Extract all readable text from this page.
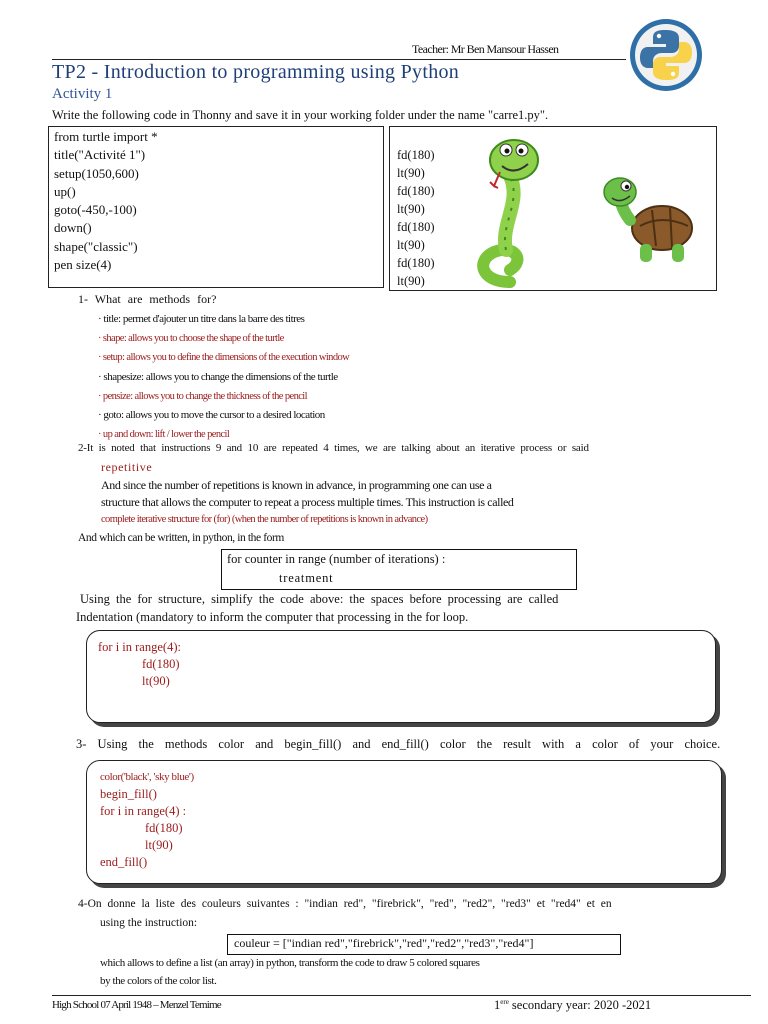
Teacher: Mr Ben Mansour Hassen
TP2 - Introduction to programming using Python
Activity 1
Write the following code in Thonny and save it in your working folder under the name "carre1.py".
from turtle import *
title("Activité 1")
setup(1050,600)
up()
goto(-450,-100)
down()
shape("classic")
pen size(4)
fd(180)
lt(90)
fd(180)
lt(90)
fd(180)
lt(90)
fd(180)
lt(90)
1- What are methods for?
· title: permet d'ajouter un titre dans la barre des titres
· shape: allows you to choose the shape of the turtle
· setup: allows you to define the dimensions of the execution window
· shapesize: allows you to change the dimensions of the turtle
· pensize: allows you to change the thickness of the pencil
· goto: allows you to move the cursor to a desired location
· up and down: lift / lower the pencil
2-It is noted that instructions 9 and 10 are repeated 4 times, we are talking about an iterative process or said
repetitive
And since the number of repetitions is known in advance, in programming one can use a
structure that allows the computer to repeat a process multiple times. This instruction is called
complete iterative structure for (for) (when the number of repetitions is known in advance)
And which can be written, in python, in the form
for counter in range (number of iterations) :
treatment
Using the for structure, simplify the code above: the spaces before processing are called
Indentation (mandatory to inform the computer that processing in the for loop.
for i in range(4):
fd(180)
lt(90)
3- Using the methods color and begin_fill() and end_fill() color the result with a color of your choice.
color('black', 'sky blue')
begin_fill()
for i in range(4) :
fd(180)
lt(90)
end_fill()
4-On donne la liste des couleurs suivantes : "indian red", "firebrick", "red", "red2", "red3" et "red4" et en
using the instruction:
couleur = ["indian red","firebrick","red","red2","red3","red4"]
which allows to define a list (an array) in python, transform the code to draw 5 colored squares
by the colors of the color list.
High School 07 April 1948 – Menzel Temime	1ere secondary year: 2020 -2021
